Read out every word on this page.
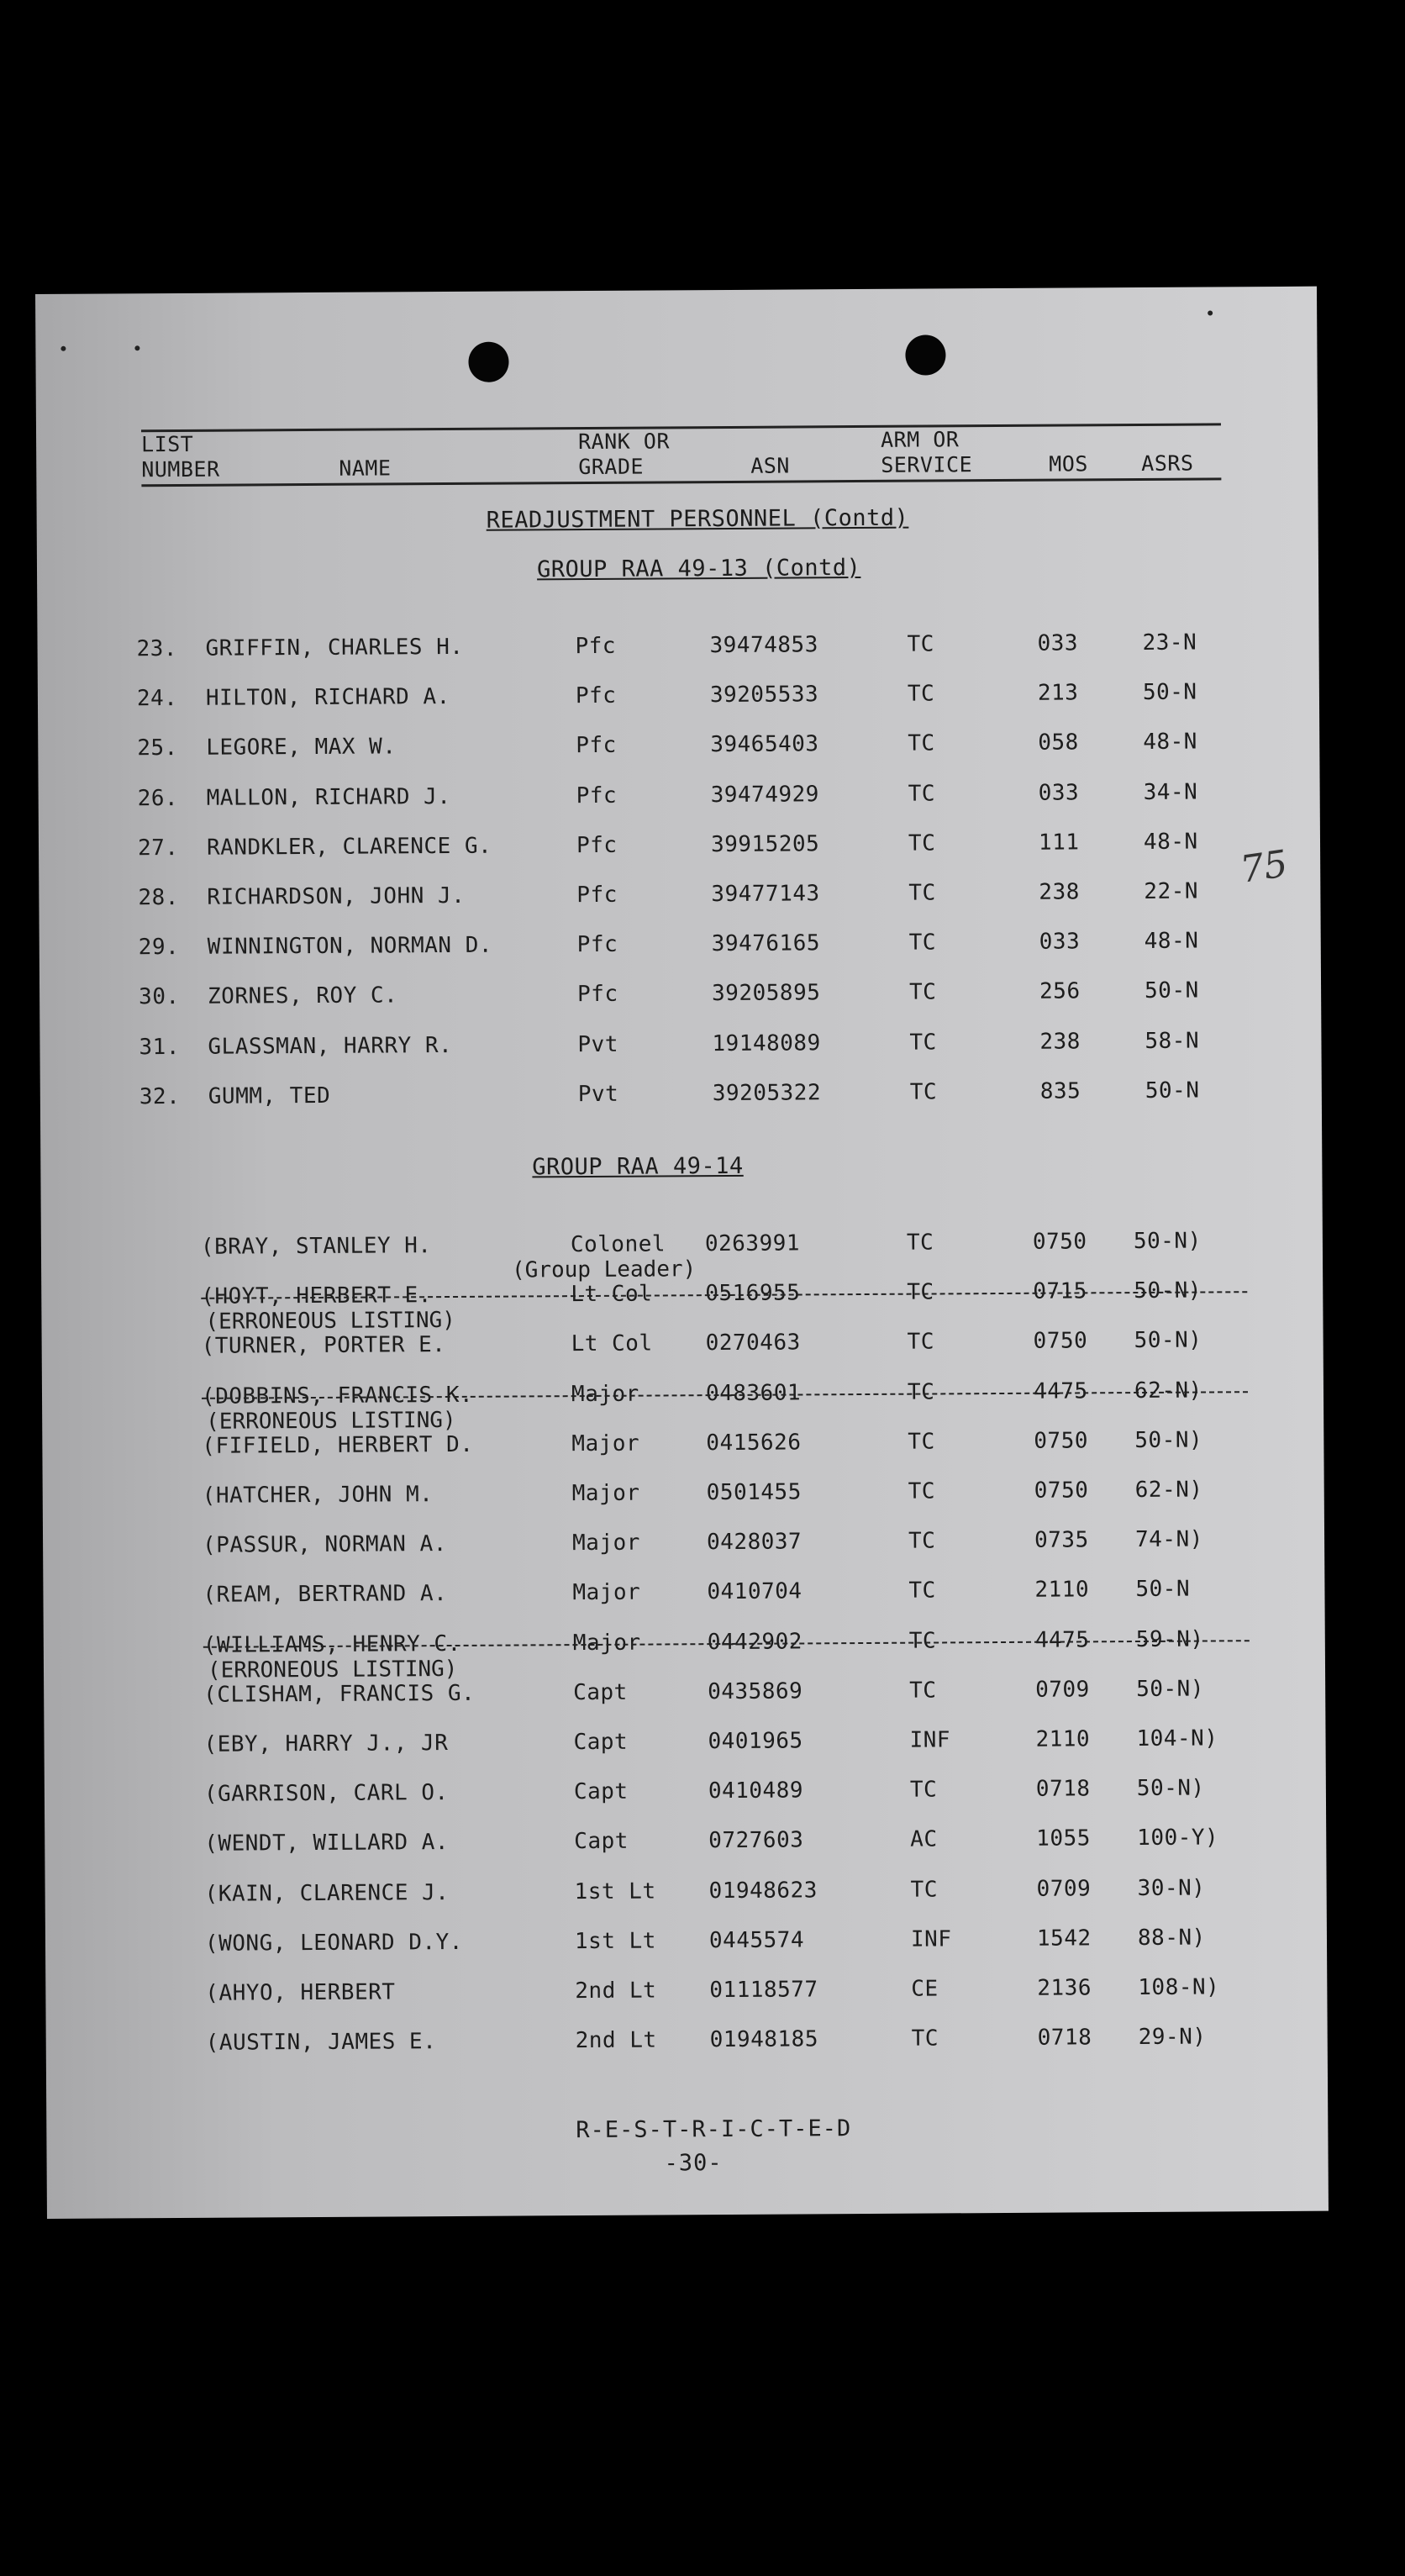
LIST
NUMBER	NAME
RANK OR
GRADE	ASN
ARM OR
SERVICE	MOS	ASRS
READJUSTMENT PERSONNEL (Contd)
GROUP RAA 49-13 (Contd)
23. GRIFFIN, CHARLES H.	Pfc	39474853	TC	033	23-N
24. HILTON, RICHARD A.	Pfc	39205533	TC	213	50-N
25. LEGORE, MAX W.	Pfc	39465403	TC	058	48-N
26. MALLON, RICHARD J.	Pfc	39474929	TC	033	34-N
27. RANDKLER, CLARENCE G.	Pfc	39915205	TC	111	48-N
28. RICHARDSON, JOHN J.	Pfc	39477143	TC	238	22-N
29. WINNINGTON, NORMAN D.	Pfc	39476165	TC	033	48-N
30. ZORNES, ROY C.	Pfc	39205895	TC	256	50-N
31. GLASSMAN, HARRY R.	Pvt	19148089	TC	238	58-N
32. GUMM, TED	Pvt	39205322	TC	835	50-N
GROUP RAA 49-14
(BRAY, STANLEY H.	Colonel 0263991	TC	0750 50-N)
(Group Leader)
(HOYT, HERBERT E.	Lt Col 0516955	TC	0715 50-N)
(ERRONEOUS LISTING)
(TURNER, PORTER E.	Lt Col 0270463	TC	0750 50-N)
(DOBBINS, FRANCIS K.	Major	0483601	TC	4475 62-N)
(ERRONEOUS LISTING)
(FIFIELD, HERBERT D.	Major	0415626	TC	0750 50-N)
(HATCHER, JOHN M.	Major	0501455	TC	0750 62-N)
(PASSUR, NORMAN A.	Major	0428037	TC	0735 74-N)
(REAM, BERTRAND A.	Major	0410704	TC	2110 50-N
(WILLIAMS, HENRY C.	Major	0442902	TC	4475 59-N)
(ERRONEOUS LISTING)
(CLISHAM, FRANCIS G.	Capt	0435869	TC	0709 50-N)
(EBY, HARRY J., JR	Capt	0401965	INF	2110 104-N)
(GARRISON, CARL O.	Capt	0410489	TC	0718 50-N)
(WENDT, WILLARD A.	Capt	0727603	AC	1055 100-Y)
(KAIN, CLARENCE J.	1st Lt 01948623	TC	0709 30-N)
(WONG, LEONARD D.Y.	1st Lt 0445574	INF	1542 88-N)
(AHYO, HERBERT	2nd Lt 01118577	CE	2136 108-N)
(AUSTIN, JAMES E.	2nd Lt 01948185	TC	0718 29-N)
75
R-E-S-T-R-I-C-T-E-D
-30-
